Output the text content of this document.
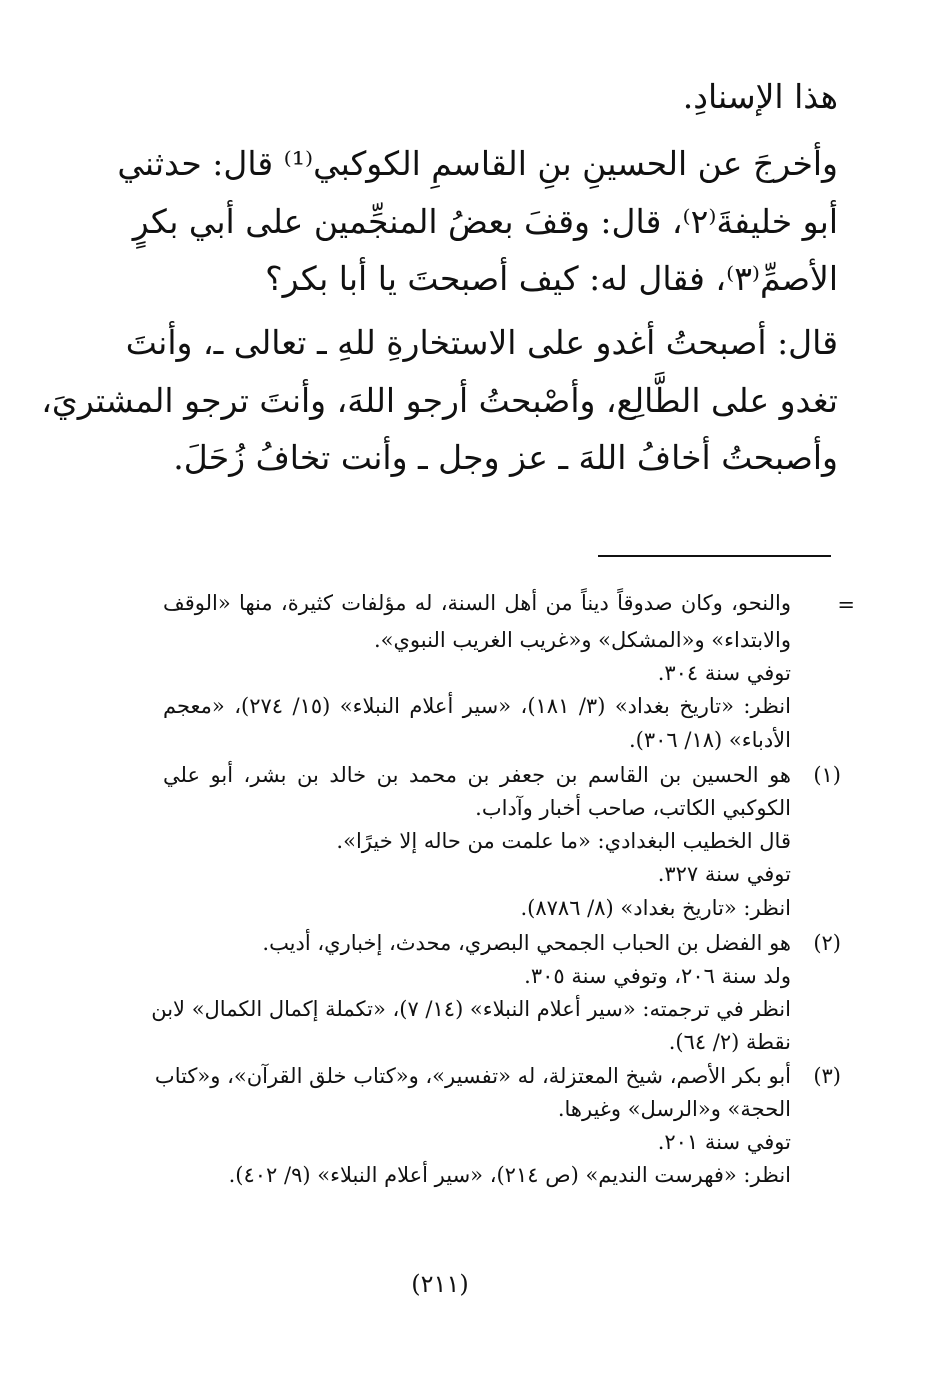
هذا الإسنادِ.
وأخرجَ عن الحسينِ بنِ القاسمِ الكوكبي⁽¹⁾ قال: حدثني
أبو خليفةَ⁽٢⁾، قال: وقفَ بعضُ المنجِّمين على أبي بكرٍ
الأصمِّ⁽٣⁾، فقال له: كيف أصبحتَ يا أبا بكر؟
قال: أصبحتُ أغدو على الاستخارةِ للهِ ـ تعالى ـ، وأنتَ
تغدو على الطَّالِع، وأصْبحتُ أرجو اللهَ، وأنتَ ترجو المشتريَ،
وأصبحتُ أخافُ اللهَ ـ عز وجل ـ وأنت تخافُ زُحَلَ.
=
والنحو، وكان صدوقاً ديناً من أهل السنة، له مؤلفات كثيرة، منها «الوقف
والابتداء» و«المشكل» و«غريب الغريب النبوي».
توفي سنة ٣٠٤.
انظر: «تاريخ بغداد» (٣/ ١٨١)، «سير أعلام النبلاء» (١٥/ ٢٧٤)، «معجم
الأدباء» (١٨/ ٣٠٦).
(١)
هو الحسين بن القاسم بن جعفر بن محمد بن خالد بن بشر، أبو علي
الكوكبي الكاتب، صاحب أخبار وآداب.
قال الخطيب البغدادي: «ما علمت من حاله إلا خيرًا».
توفي سنة ٣٢٧.
انظر: «تاريخ بغداد» (٨/ ٨٧٨٦).
(٢)
هو الفضل بن الحباب الجمحي البصري، محدث، إخباري، أديب.
ولد سنة ٢٠٦، وتوفي سنة ٣٠٥.
انظر في ترجمته: «سير أعلام النبلاء» (١٤/ ٧)، «تكملة إكمال الكمال» لابن
نقطة (٢/ ٦٤).
(٣)
أبو بكر الأصم، شيخ المعتزلة، له «تفسير»، و«كتاب خلق القرآن»، و«كتاب
الحجة» و«الرسل» وغيرها.
توفي سنة ٢٠١.
انظر: «فهرست النديم» (ص ٢١٤)، «سير أعلام النبلاء» (٩/ ٤٠٢).
(٢١١)
